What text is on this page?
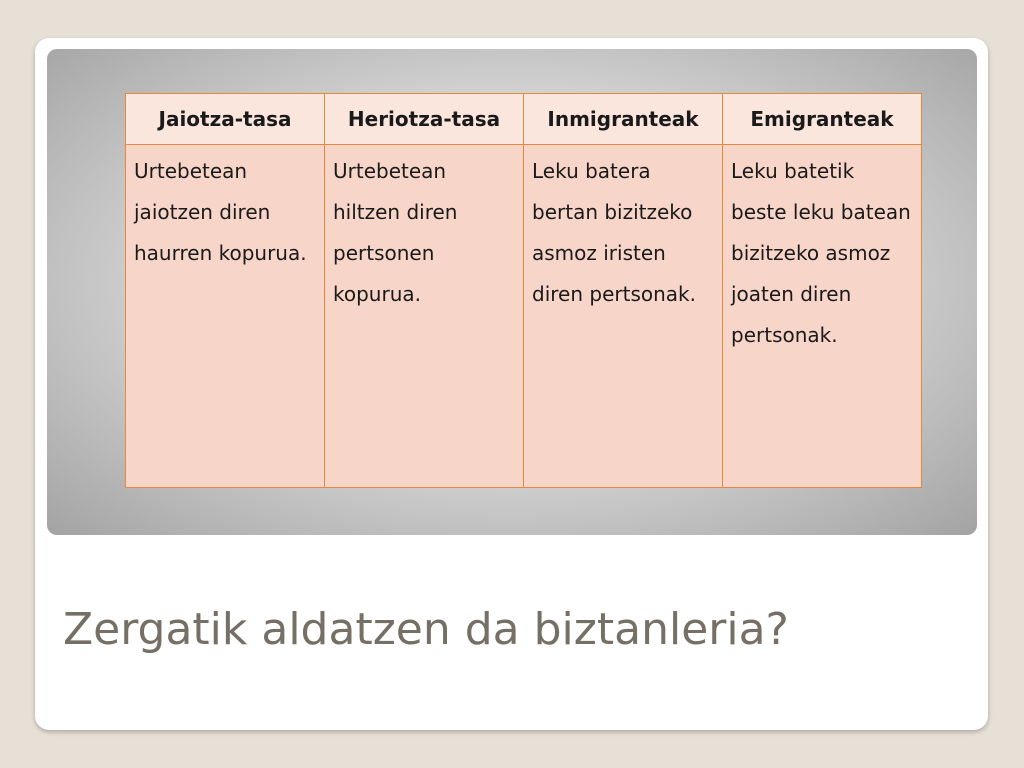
Jaiotza-tasa	Heriotza-tasa	Inmigranteak	Emigranteak
Urtebetean jaiotzen diren haurren kopurua.	Urtebetean hiltzen diren pertsonen kopurua.	Leku batera bertan bizitzeko asmoz iristen diren pertsonak.	Leku batetik beste leku batean bizitzeko asmoz joaten diren pertsonak.
Zergatik aldatzen da biztanleria?
